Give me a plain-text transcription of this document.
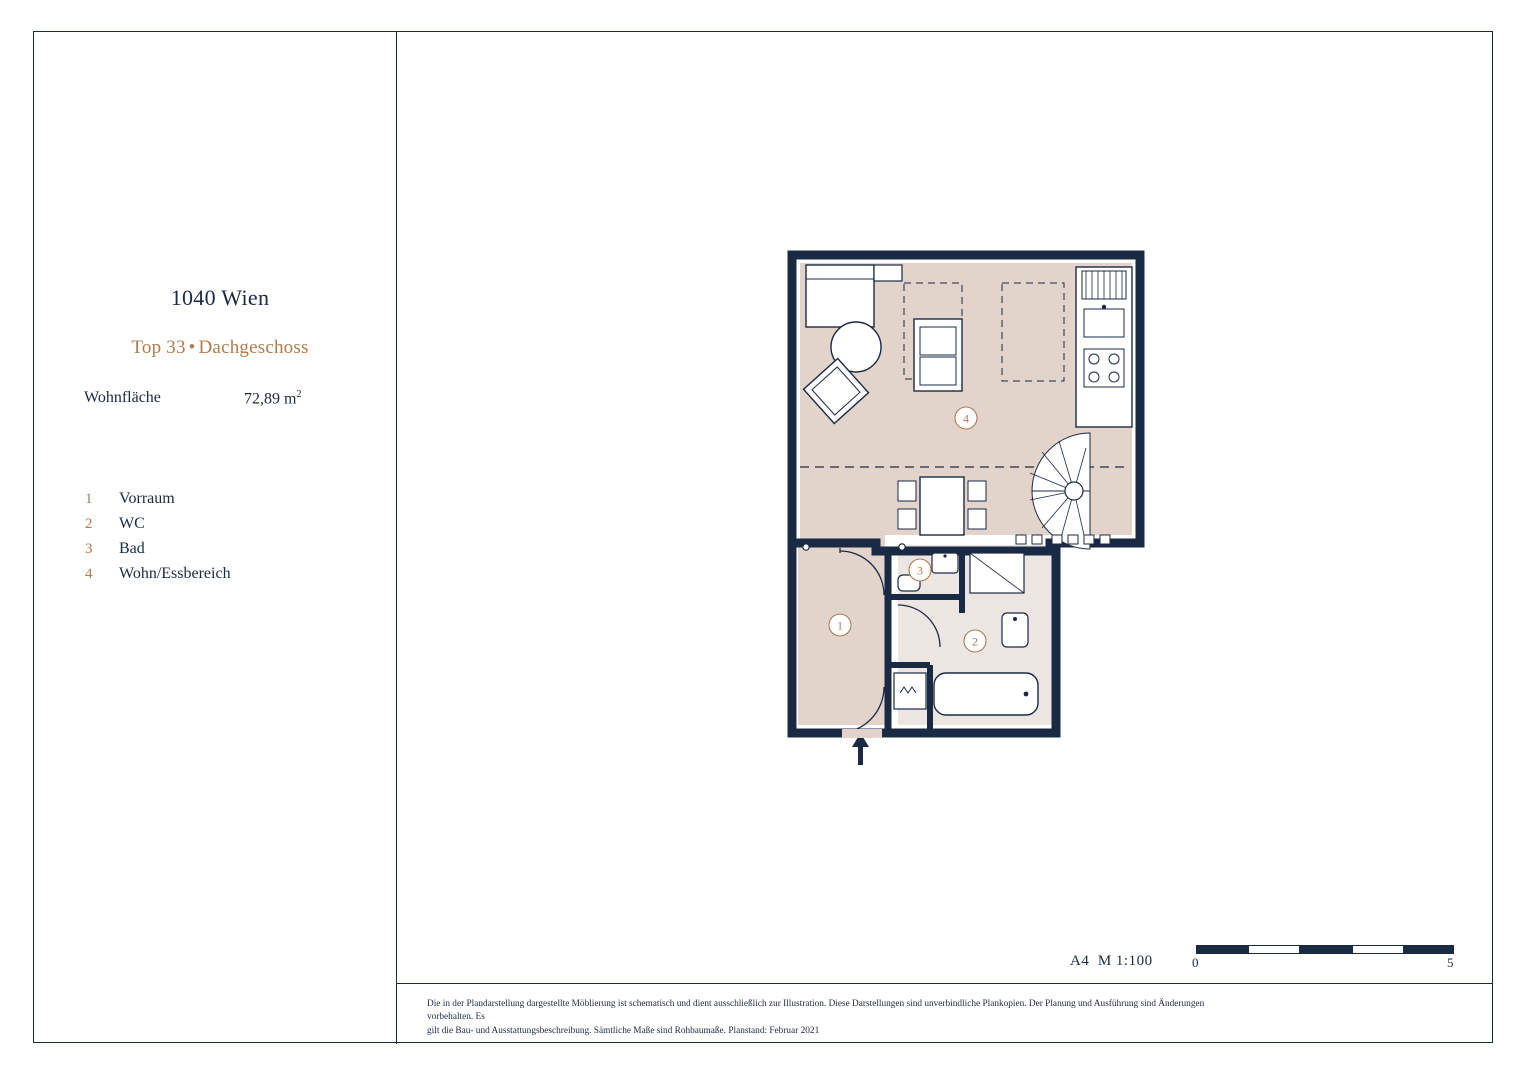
1040 Wien
Top 33 • Dachgeschoss
Wohnfläche	72,89 $m^2$
1	Vorraum
2	WC
3	Bad
4	Wohn/Essbereich
4
1
3
2
A4 M 1:100	0	5
Die in der Plandarstellung dargestellte Möblierung ist schematisch und dient ausschließlich zur Illustration. Diese Darstellungen sind unverbindliche Plankopien. Der Planung und Ausführung sind Änderungen vorbehalten. Es
gilt die Bau- und Ausstattungsbeschreibung. Sämtliche Maße sind Rohbaumaße. Planstand: Februar 2021
